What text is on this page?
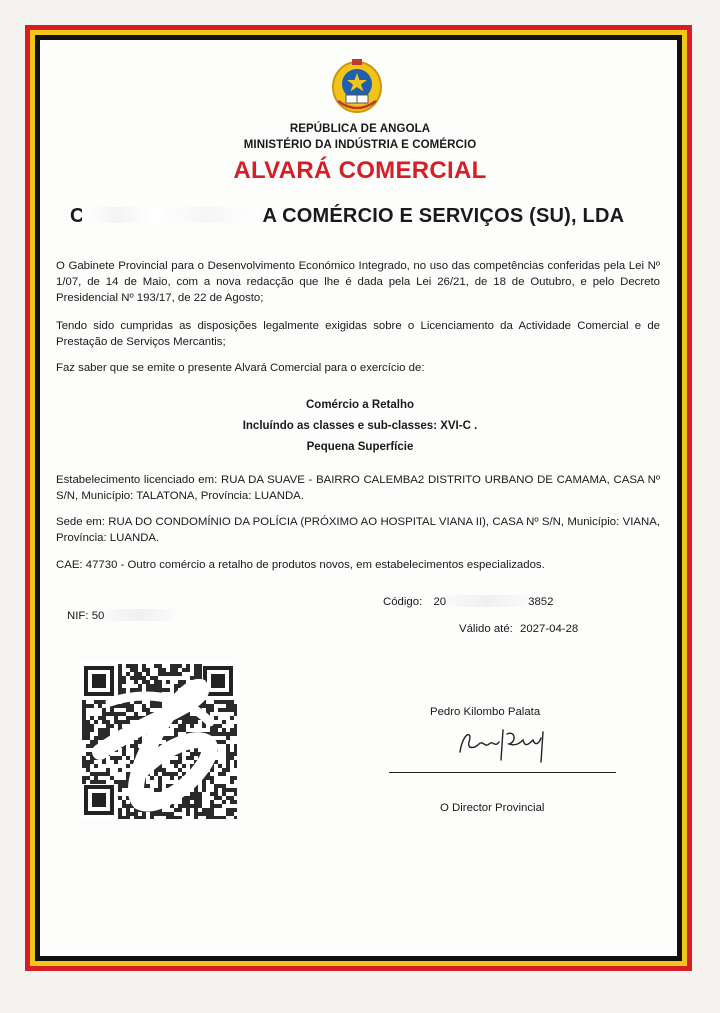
REPÚBLICA DE ANGOLA
MINISTÉRIO DA INDÚSTRIA E COMÉRCIO
ALVARÁ COMERCIAL
C	A COMÉRCIO E SERVIÇOS (SU), LDA
O Gabinete Provincial para o Desenvolvimento Económico Integrado, no uso das competências conferidas pela Lei Nº 1/07, de 14 de Maio, com a nova redacção que lhe é dada pela Lei 26/21, de 18 de Outubro, e pelo Decreto Presidencial Nº 193/17, de 22 de Agosto;
Tendo sido cumpridas as disposições legalmente exigidas sobre o Licenciamento da Actividade Comercial e de Prestação de Serviços Mercantis;
Faz saber que se emite o presente Alvará Comercial para o exercício de:
Comércio a Retalho
Incluíndo as classes e sub-classes: XVI-C .
Pequena Superfície
Estabelecimento licenciado em: RUA DA SUAVE - BAIRRO CALEMBA2 DISTRITO URBANO DE CAMAMA, CASA Nº S/N, Município: TALATONA, Província: LUANDA.
Sede em: RUA DO CONDOMÍNIO DA POLÍCIA (PRÓXIMO AO HOSPITAL VIANA II), CASA Nº S/N, Município: VIANA, Província: LUANDA.
CAE: 47730 - Outro comércio a retalho de produtos novos, em estabelecimentos especializados.
Código: 20	3852
NIF: 50
Válido até: 2027-04-28
Pedro Kilombo Palata
O Director Provincial
